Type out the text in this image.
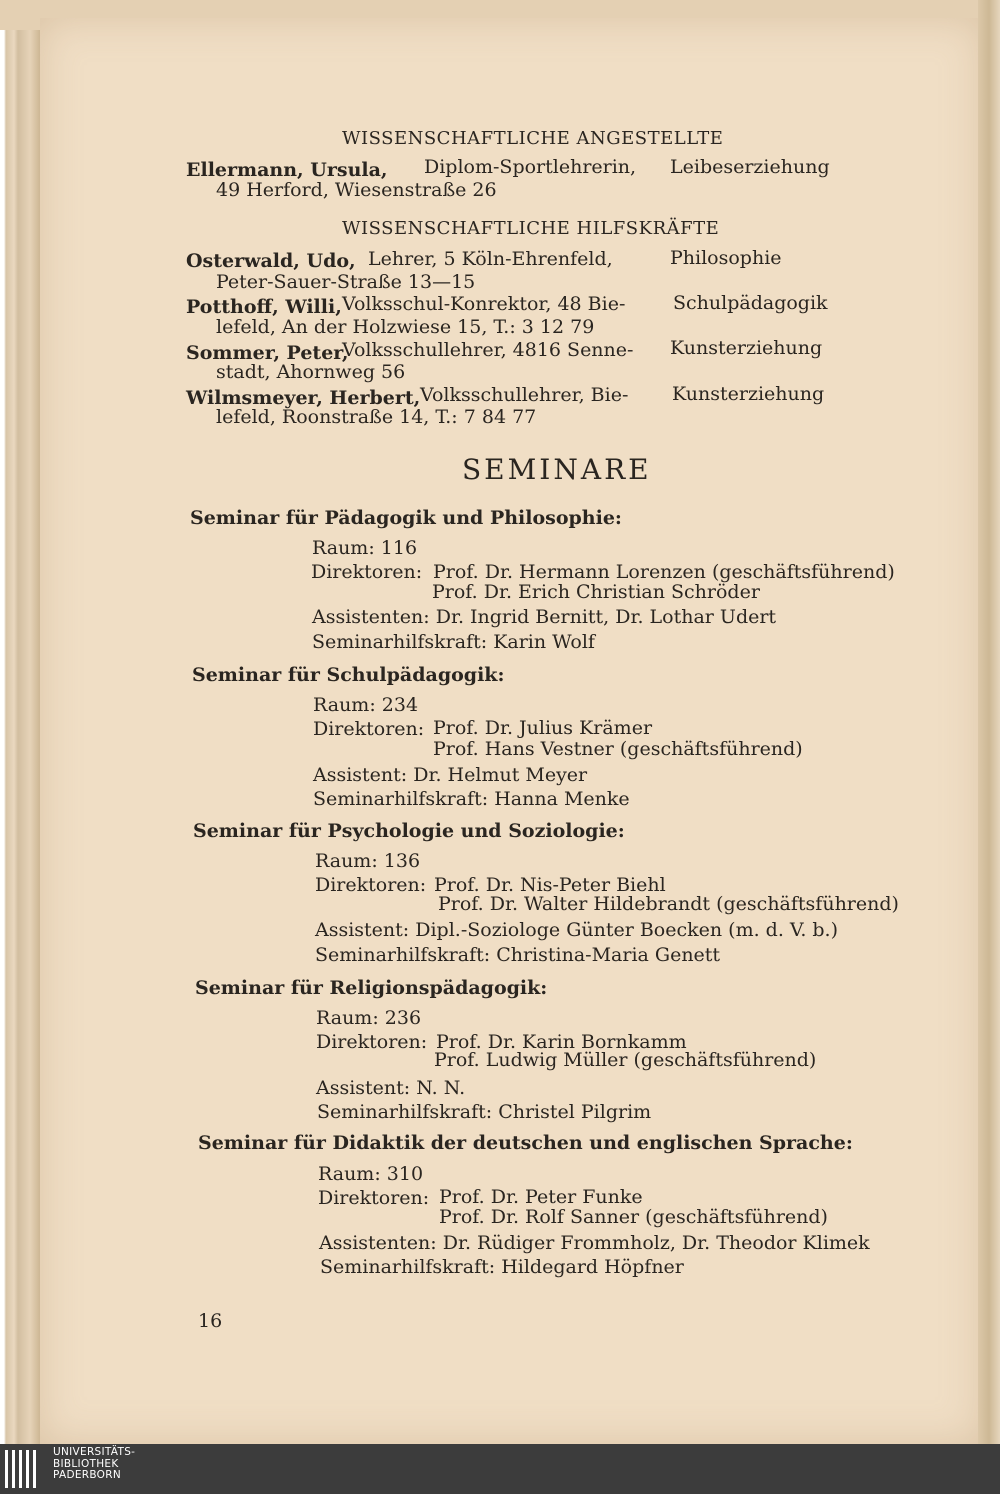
WISSENSCHAFTLICHE ANGESTELLTE
Ellermann, Ursula, Diplom-Sportlehrerin, Leibeserziehung
49 Herford, Wiesenstraße 26
WISSENSCHAFTLICHE HILFSKRÄFTE
Osterwald, Udo, Lehrer, 5 Köln-Ehrenfeld,	Philosophie
Peter-Sauer-Straße 13—15
Potthoff, Willi, Volksschul-Konrektor, 48 Bie-	Schulpädagogik
lefeld, An der Holzwiese 15, T.: 3 12 79
Sommer, Peter,
Volksschullehrer, 4816 Senne- Kunsterziehung
stadt, Ahornweg 56
Wilmsmeyer, Herbert, Volksschullehrer, Bie- Kunsterziehung
lefeld, Roonstraße 14, T.: 7 84 77
SEMINARE
Seminar für Pädagogik und Philosophie:
Raum: 116
Direktoren: Prof. Dr. Hermann Lorenzen (geschäftsführend)
Prof. Dr. Erich Christian Schröder
Assistenten: Dr. Ingrid Bernitt, Dr. Lothar Udert
Seminarhilfskraft: Karin Wolf
Seminar für Schulpädagogik:
Raum: 234
Direktoren: Prof. Dr. Julius Krämer
Prof. Hans Vestner (geschäftsführend)
Assistent: Dr. Helmut Meyer
Seminarhilfskraft: Hanna Menke
Seminar für Psychologie und Soziologie:
Raum: 136
Direktoren: Prof. Dr. Nis-Peter Biehl
Prof. Dr. Walter Hildebrandt (geschäftsführend)
Assistent: Dipl.-Soziologe Günter Boecken (m. d. V. b.)
Seminarhilfskraft: Christina-Maria Genett
Seminar für Religionspädagogik:
Raum: 236
Direktoren: Prof. Dr. Karin Bornkamm
Prof. Ludwig Müller (geschäftsführend)
Assistent: N. N.
Seminarhilfskraft: Christel Pilgrim
Seminar für Didaktik der deutschen und englischen Sprache:
Raum: 310
Direktoren: Prof. Dr. Peter Funke
Prof. Dr. Rolf Sanner (geschäftsführend)
Assistenten: Dr. Rüdiger Frommholz, Dr. Theodor Klimek
Seminarhilfskraft: Hildegard Höpfner
16
UNIVERSITÄTS-
BIBLIOTHEK
PADERBORN
